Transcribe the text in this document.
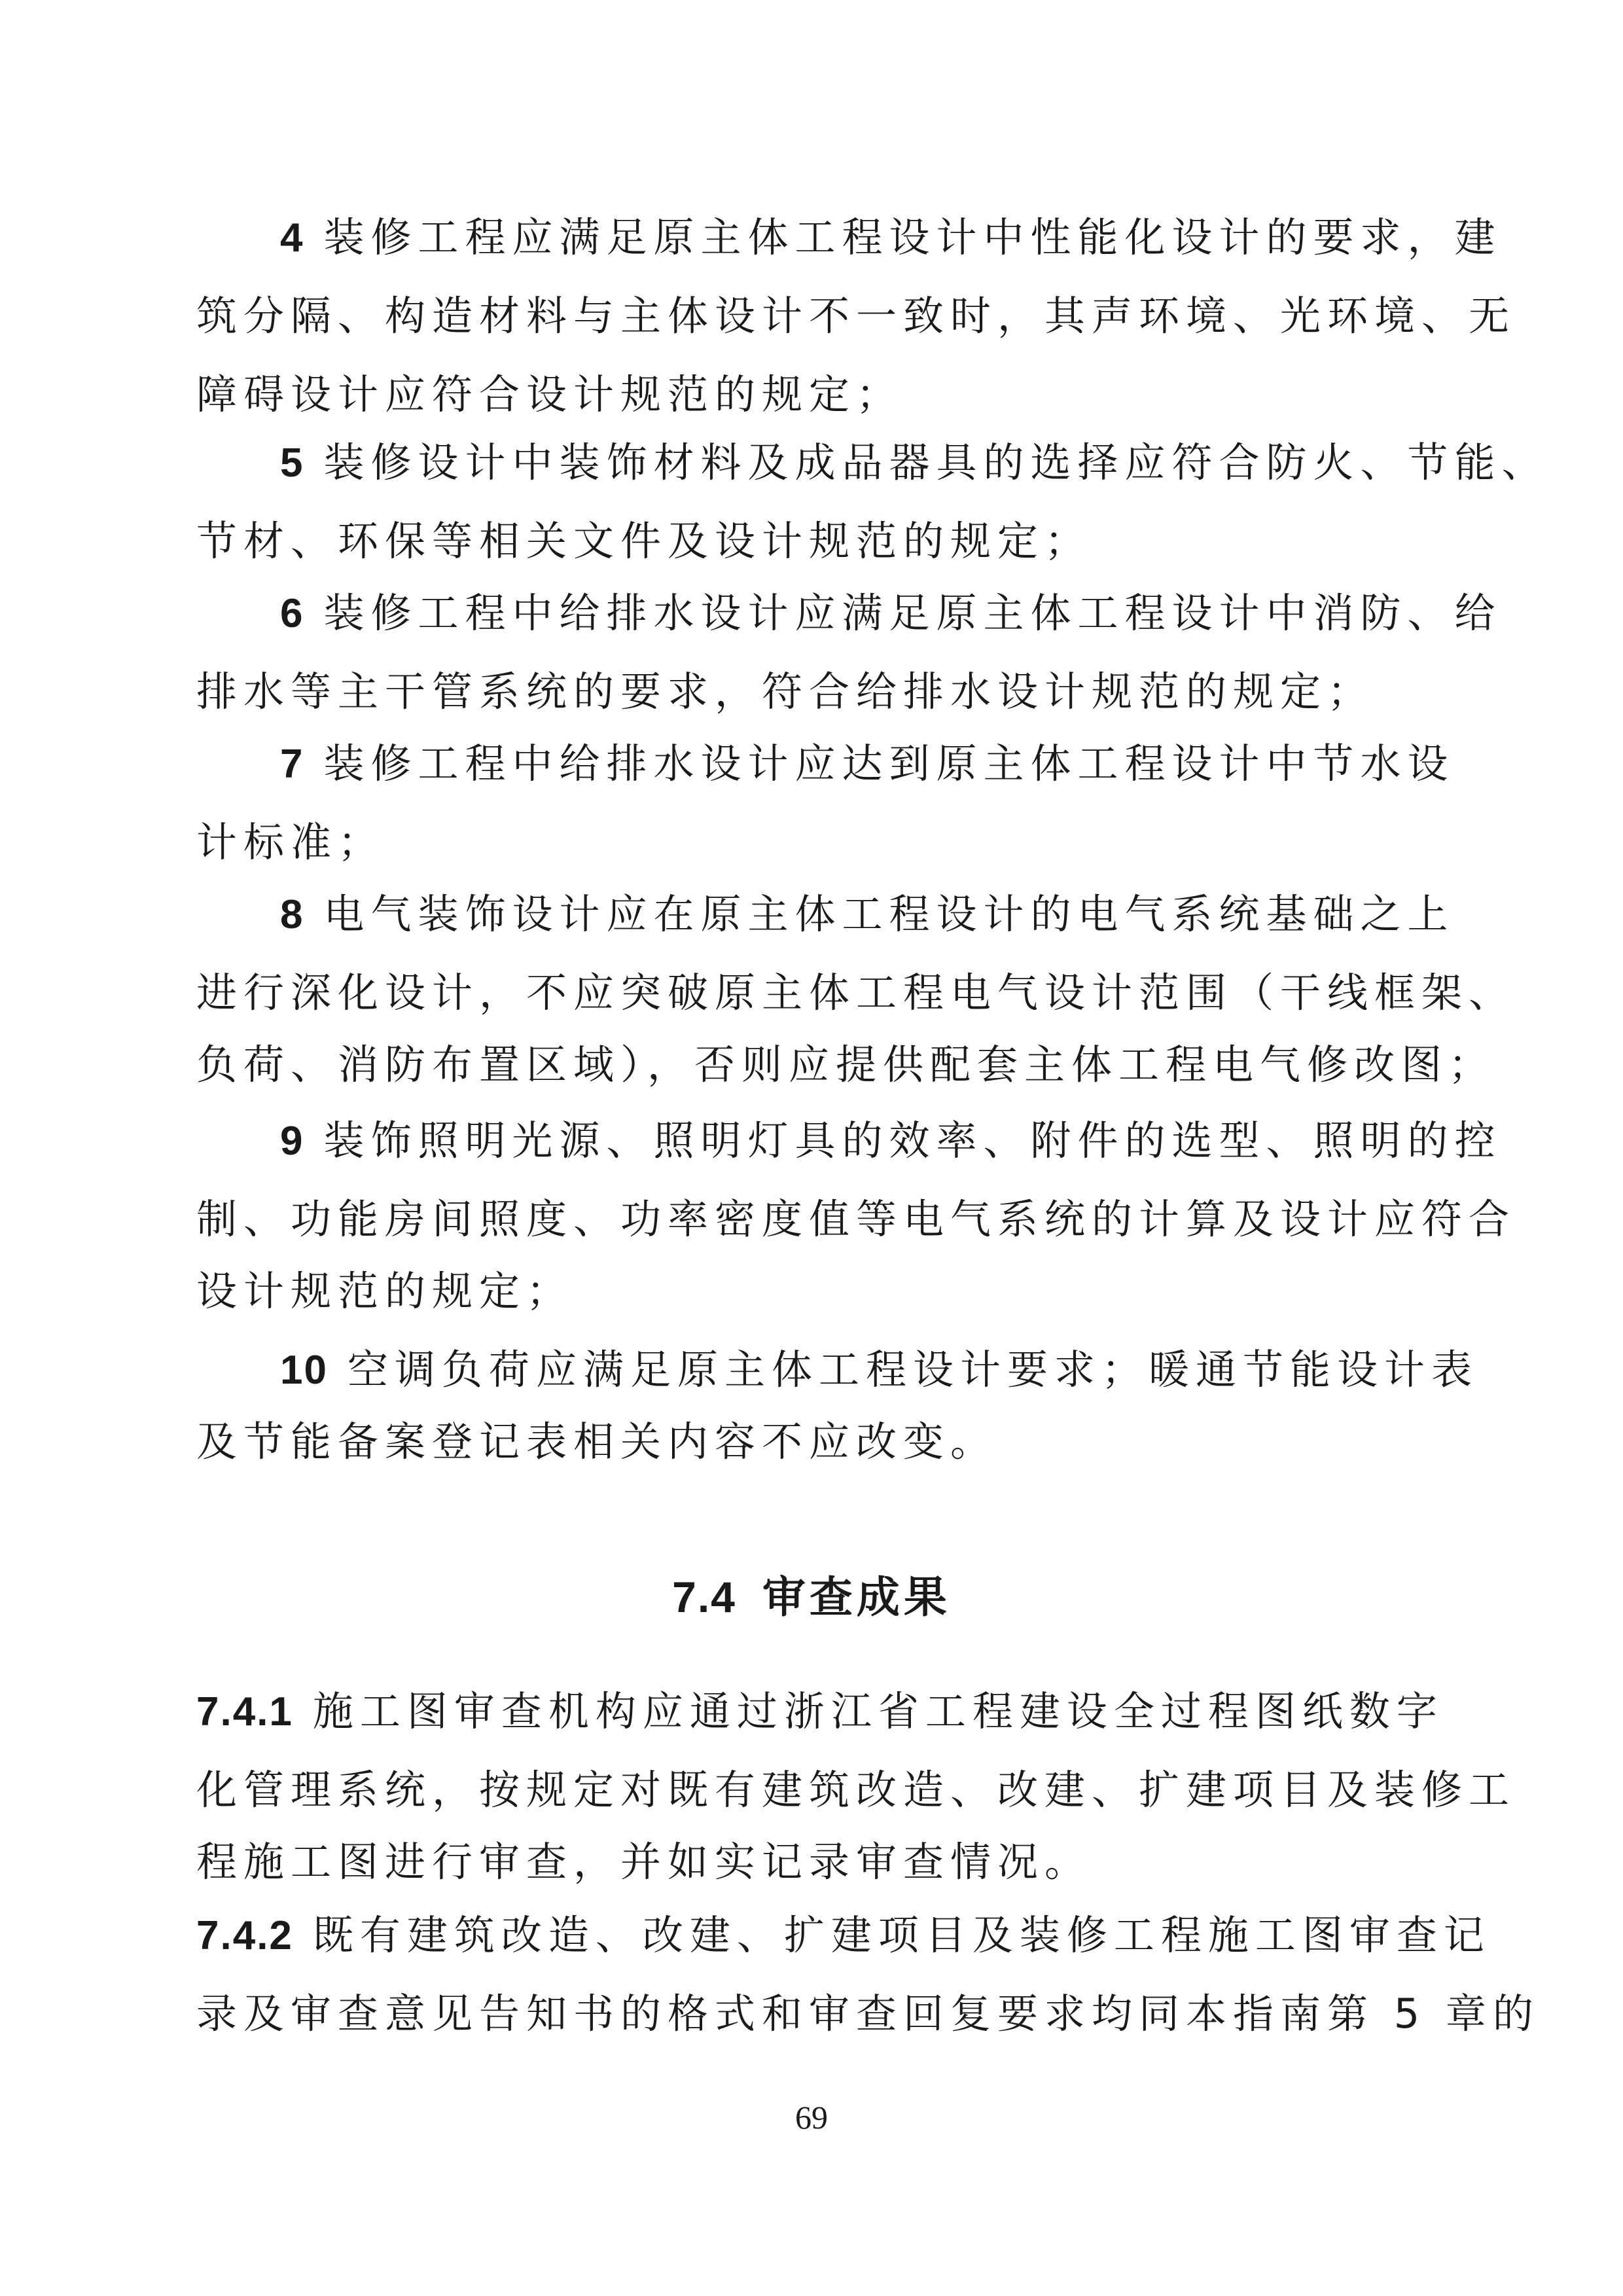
4 装修工程应满足原主体工程设计中性能化设计的要求，建
筑分隔、构造材料与主体设计不一致时，其声环境、光环境、无
障碍设计应符合设计规范的规定；
5 装修设计中装饰材料及成品器具的选择应符合防火、节能、
节材、环保等相关文件及设计规范的规定；
6 装修工程中给排水设计应满足原主体工程设计中消防、给
排水等主干管系统的要求，符合给排水设计规范的规定；
7 装修工程中给排水设计应达到原主体工程设计中节水设
计标准；
8 电气装饰设计应在原主体工程设计的电气系统基础之上
进行深化设计，不应突破原主体工程电气设计范围（干线框架、
负荷、消防布置区域），否则应提供配套主体工程电气修改图；
9 装饰照明光源、照明灯具的效率、附件的选型、照明的控
制、功能房间照度、功率密度值等电气系统的计算及设计应符合
设计规范的规定；
10 空调负荷应满足原主体工程设计要求；暖通节能设计表
及节能备案登记表相关内容不应改变。
7.4 审查成果
7.4.1 施工图审查机构应通过浙江省工程建设全过程图纸数字
化管理系统，按规定对既有建筑改造、改建、扩建项目及装修工
程施工图进行审查，并如实记录审查情况。
7.4.2 既有建筑改造、改建、扩建项目及装修工程施工图审查记
录及审查意见告知书的格式和审查回复要求均同本指南第 5 章的
69
